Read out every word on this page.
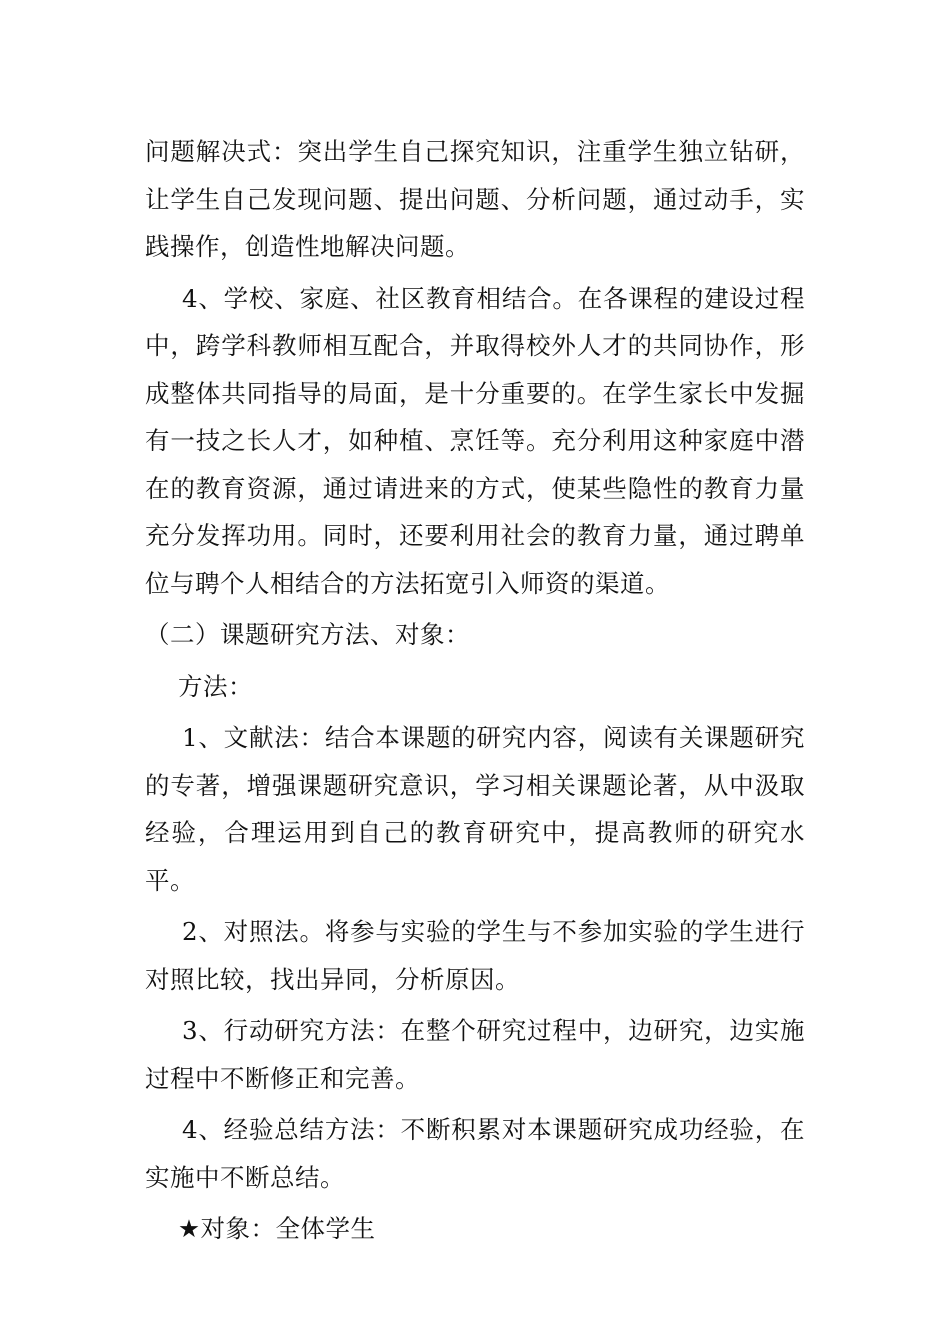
问题解决式：突出学生自己探究知识，注重学生独立钻研，让学生自己发现问题、提出问题、分析问题，通过动手，实践操作，创造性地解决问题。

4、学校、家庭、社区教育相结合。在各课程的建设过程中，跨学科教师相互配合，并取得校外人才的共同协作，形成整体共同指导的局面，是十分重要的。在学生家长中发掘有一技之长人才，如种植、烹饪等。充分利用这种家庭中潜在的教育资源，通过请进来的方式，使某些隐性的教育力量充分发挥功用。同时，还要利用社会的教育力量，通过聘单位与聘个人相结合的方法拓宽引入师资的渠道。

（二）课题研究方法、对象：

方法：

1、文献法：结合本课题的研究内容，阅读有关课题研究的专著，增强课题研究意识，学习相关课题论著，从中汲取经验，合理运用到自己的教育研究中，提高教师的研究水平。

2、对照法。将参与实验的学生与不参加实验的学生进行对照比较，找出异同，分析原因。

3、行动研究方法：在整个研究过程中，边研究，边实施过程中不断修正和完善。

4、经验总结方法：不断积累对本课题研究成功经验，在实施中不断总结。

★对象：全体学生
